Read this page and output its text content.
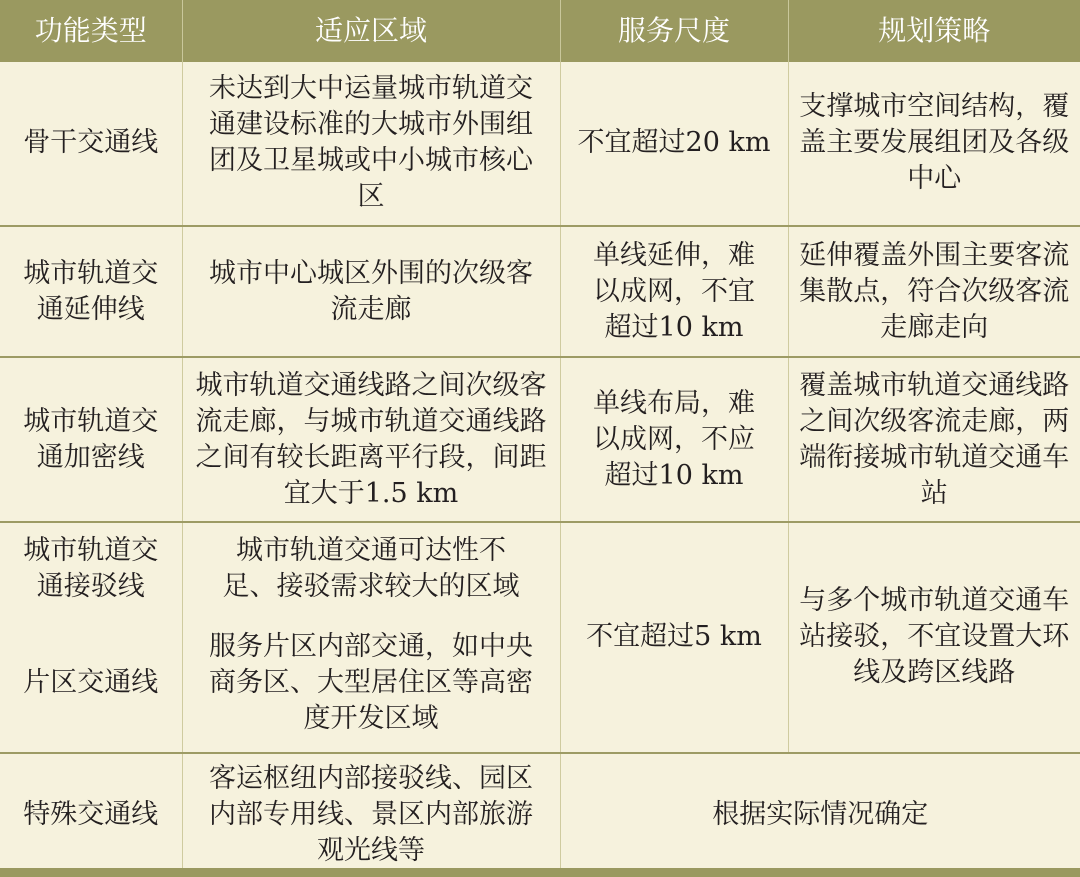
功能类型	适应区域	服务尺度	规划策略
骨干交通线	未达到大中运量城市轨道交通建设标准的大城市外围组团及卫星城或中小城市核心区	不宜超过20 km	支撑城市空间结构，覆盖主要发展组团及各级中心
城市轨道交通延伸线	城市中心城区外围的次级客流走廊	单线延伸，难以成网，不宜超过10 km	延伸覆盖外围主要客流集散点，符合次级客流走廊走向
城市轨道交通加密线	城市轨道交通线路之间次级客流走廊，与城市轨道交通线路之间有较长距离平行段，间距宜大于1.5 km	单线布局，难以成网，不应超过10 km	覆盖城市轨道交通线路之间次级客流走廊，两端衔接城市轨道交通车站
城市轨道交通接驳线	城市轨道交通可达性不足、接驳需求较大的区域	不宜超过5 km	与多个城市轨道交通车站接驳，不宜设置大环线及跨区线路
片区交通线	服务片区内部交通，如中央商务区、大型居住区等高密度开发区域		
特殊交通线	客运枢纽内部接驳线、园区内部专用线、景区内部旅游观光线等	根据实际情况确定	
